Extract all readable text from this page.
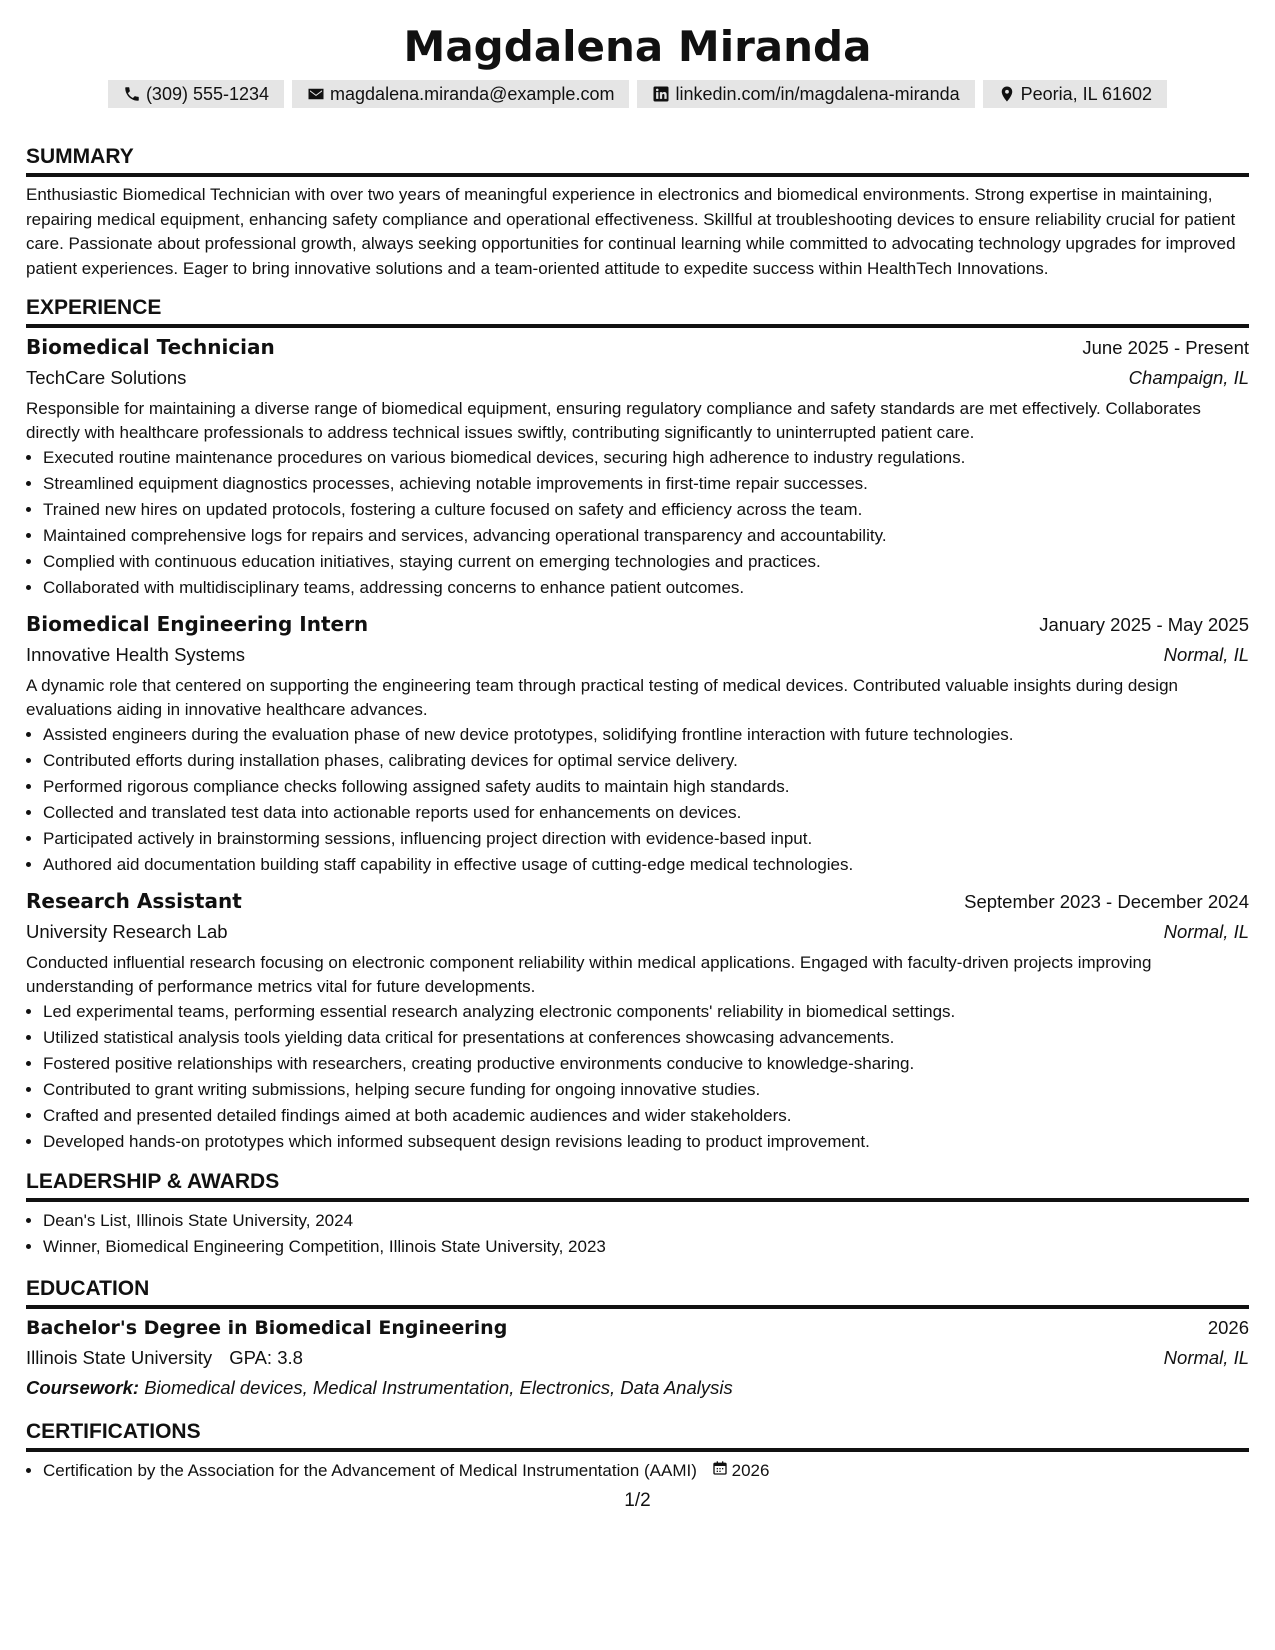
Magdalena Miranda
(309) 555-1234	magdalena.miranda@example.com	linkedin.com/in/magdalena-miranda	Peoria, IL 61602
SUMMARY

Enthusiastic Biomedical Technician with over two years of meaningful experience in electronics and biomedical environments. Strong expertise in maintaining, repairing medical equipment, enhancing safety compliance and operational effectiveness. Skillful at troubleshooting devices to ensure reliability crucial for patient care. Passionate about professional growth, always seeking opportunities for continual learning while committed to advocating technology upgrades for improved patient experiences. Eager to bring innovative solutions and a team-oriented attitude to expedite success within HealthTech Innovations.

EXPERIENCE
Biomedical Technician	June 2025 - Present
TechCare Solutions	Champaign, IL
Responsible for maintaining a diverse range of biomedical equipment, ensuring regulatory compliance and safety standards are met effectively. Collaborates directly with healthcare professionals to address technical issues swiftly, contributing significantly to uninterrupted patient care.
• Executed routine maintenance procedures on various biomedical devices, securing high adherence to industry regulations.
• Streamlined equipment diagnostics processes, achieving notable improvements in first-time repair successes.
• Trained new hires on updated protocols, fostering a culture focused on safety and efficiency across the team.
• Maintained comprehensive logs for repairs and services, advancing operational transparency and accountability.
• Complied with continuous education initiatives, staying current on emerging technologies and practices.
• Collaborated with multidisciplinary teams, addressing concerns to enhance patient outcomes.
Biomedical Engineering Intern	January 2025 - May 2025
Innovative Health Systems	Normal, IL
A dynamic role that centered on supporting the engineering team through practical testing of medical devices. Contributed valuable insights during design evaluations aiding in innovative healthcare advances.
• Assisted engineers during the evaluation phase of new device prototypes, solidifying frontline interaction with future technologies.
• Contributed efforts during installation phases, calibrating devices for optimal service delivery.
• Performed rigorous compliance checks following assigned safety audits to maintain high standards.
• Collected and translated test data into actionable reports used for enhancements on devices.
• Participated actively in brainstorming sessions, influencing project direction with evidence-based input.
• Authored aid documentation building staff capability in effective usage of cutting-edge medical technologies.
Research Assistant	September 2023 - December 2024
University Research Lab	Normal, IL
Conducted influential research focusing on electronic component reliability within medical applications. Engaged with faculty-driven projects improving understanding of performance metrics vital for future developments.
• Led experimental teams, performing essential research analyzing electronic components' reliability in biomedical settings.
• Utilized statistical analysis tools yielding data critical for presentations at conferences showcasing advancements.
• Fostered positive relationships with researchers, creating productive environments conducive to knowledge-sharing.
• Contributed to grant writing submissions, helping secure funding for ongoing innovative studies.
• Crafted and presented detailed findings aimed at both academic audiences and wider stakeholders.
• Developed hands-on prototypes which informed subsequent design revisions leading to product improvement.
LEADERSHIP & AWARDS
• Dean's List, Illinois State University, 2024
• Winner, Biomedical Engineering Competition, Illinois State University, 2023
EDUCATION
Bachelor's Degree in Biomedical Engineering	2026
Illinois State University GPA: 3.8	Normal, IL
Coursework: Biomedical devices, Medical Instrumentation, Electronics, Data Analysis
CERTIFICATIONS
• Certification by the Association for the Advancement of Medical Instrumentation (AAMI) 2026
1/2
